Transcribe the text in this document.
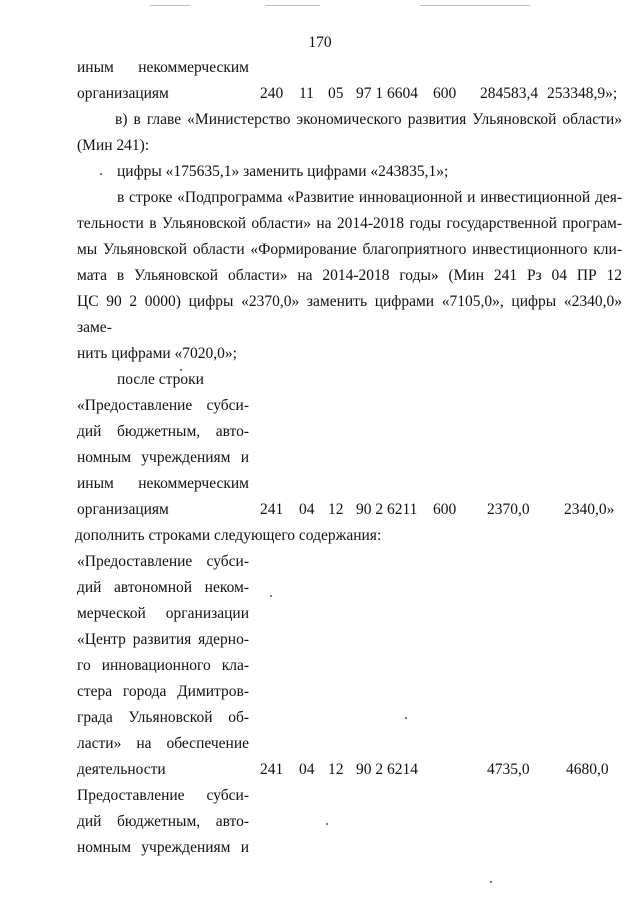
170
иным некоммерческим
организациям	240 11 05 97 1 6604 600 284583,4 253348,9»;
в) в главе «Министерство экономического развития Ульяновской области»
(Мин 241):
цифры «175635,1» заменить цифрами «243835,1»;
в строке «Подпрограмма «Развитие инновационной и инвестиционной дея-
тельности в Ульяновской области» на 2014-2018 годы государственной програм-
мы Ульяновской области «Формирование благоприятного инвестиционного кли-
мата в Ульяновской области» на 2014-2018 годы» (Мин 241 Рз 04 ПР 12
ЦС 90 2 0000) цифры «2370,0» заменить цифрами «7105,0», цифры «2340,0» заме-
нить цифрами «7020,0»;
после строки
«Предоставление субси-
дий бюджетным, авто-
номным учреждениям и
иным некоммерческим
организациям	241 04 12 90 2 6211 600 2370,0 2340,0»
дополнить строками следующего содержания:
«Предоставление субси-
дий автономной неком-
мерческой организации
«Центр развития ядерно-
го инновационного кла-
стера города Димитров-
града Ульяновской об-
ласти» на обеспечение
деятельности	241 04 12 90 2 6214	4735,0 4680,0
Предоставление субси-
дий бюджетным, авто-
номным учреждениям и
